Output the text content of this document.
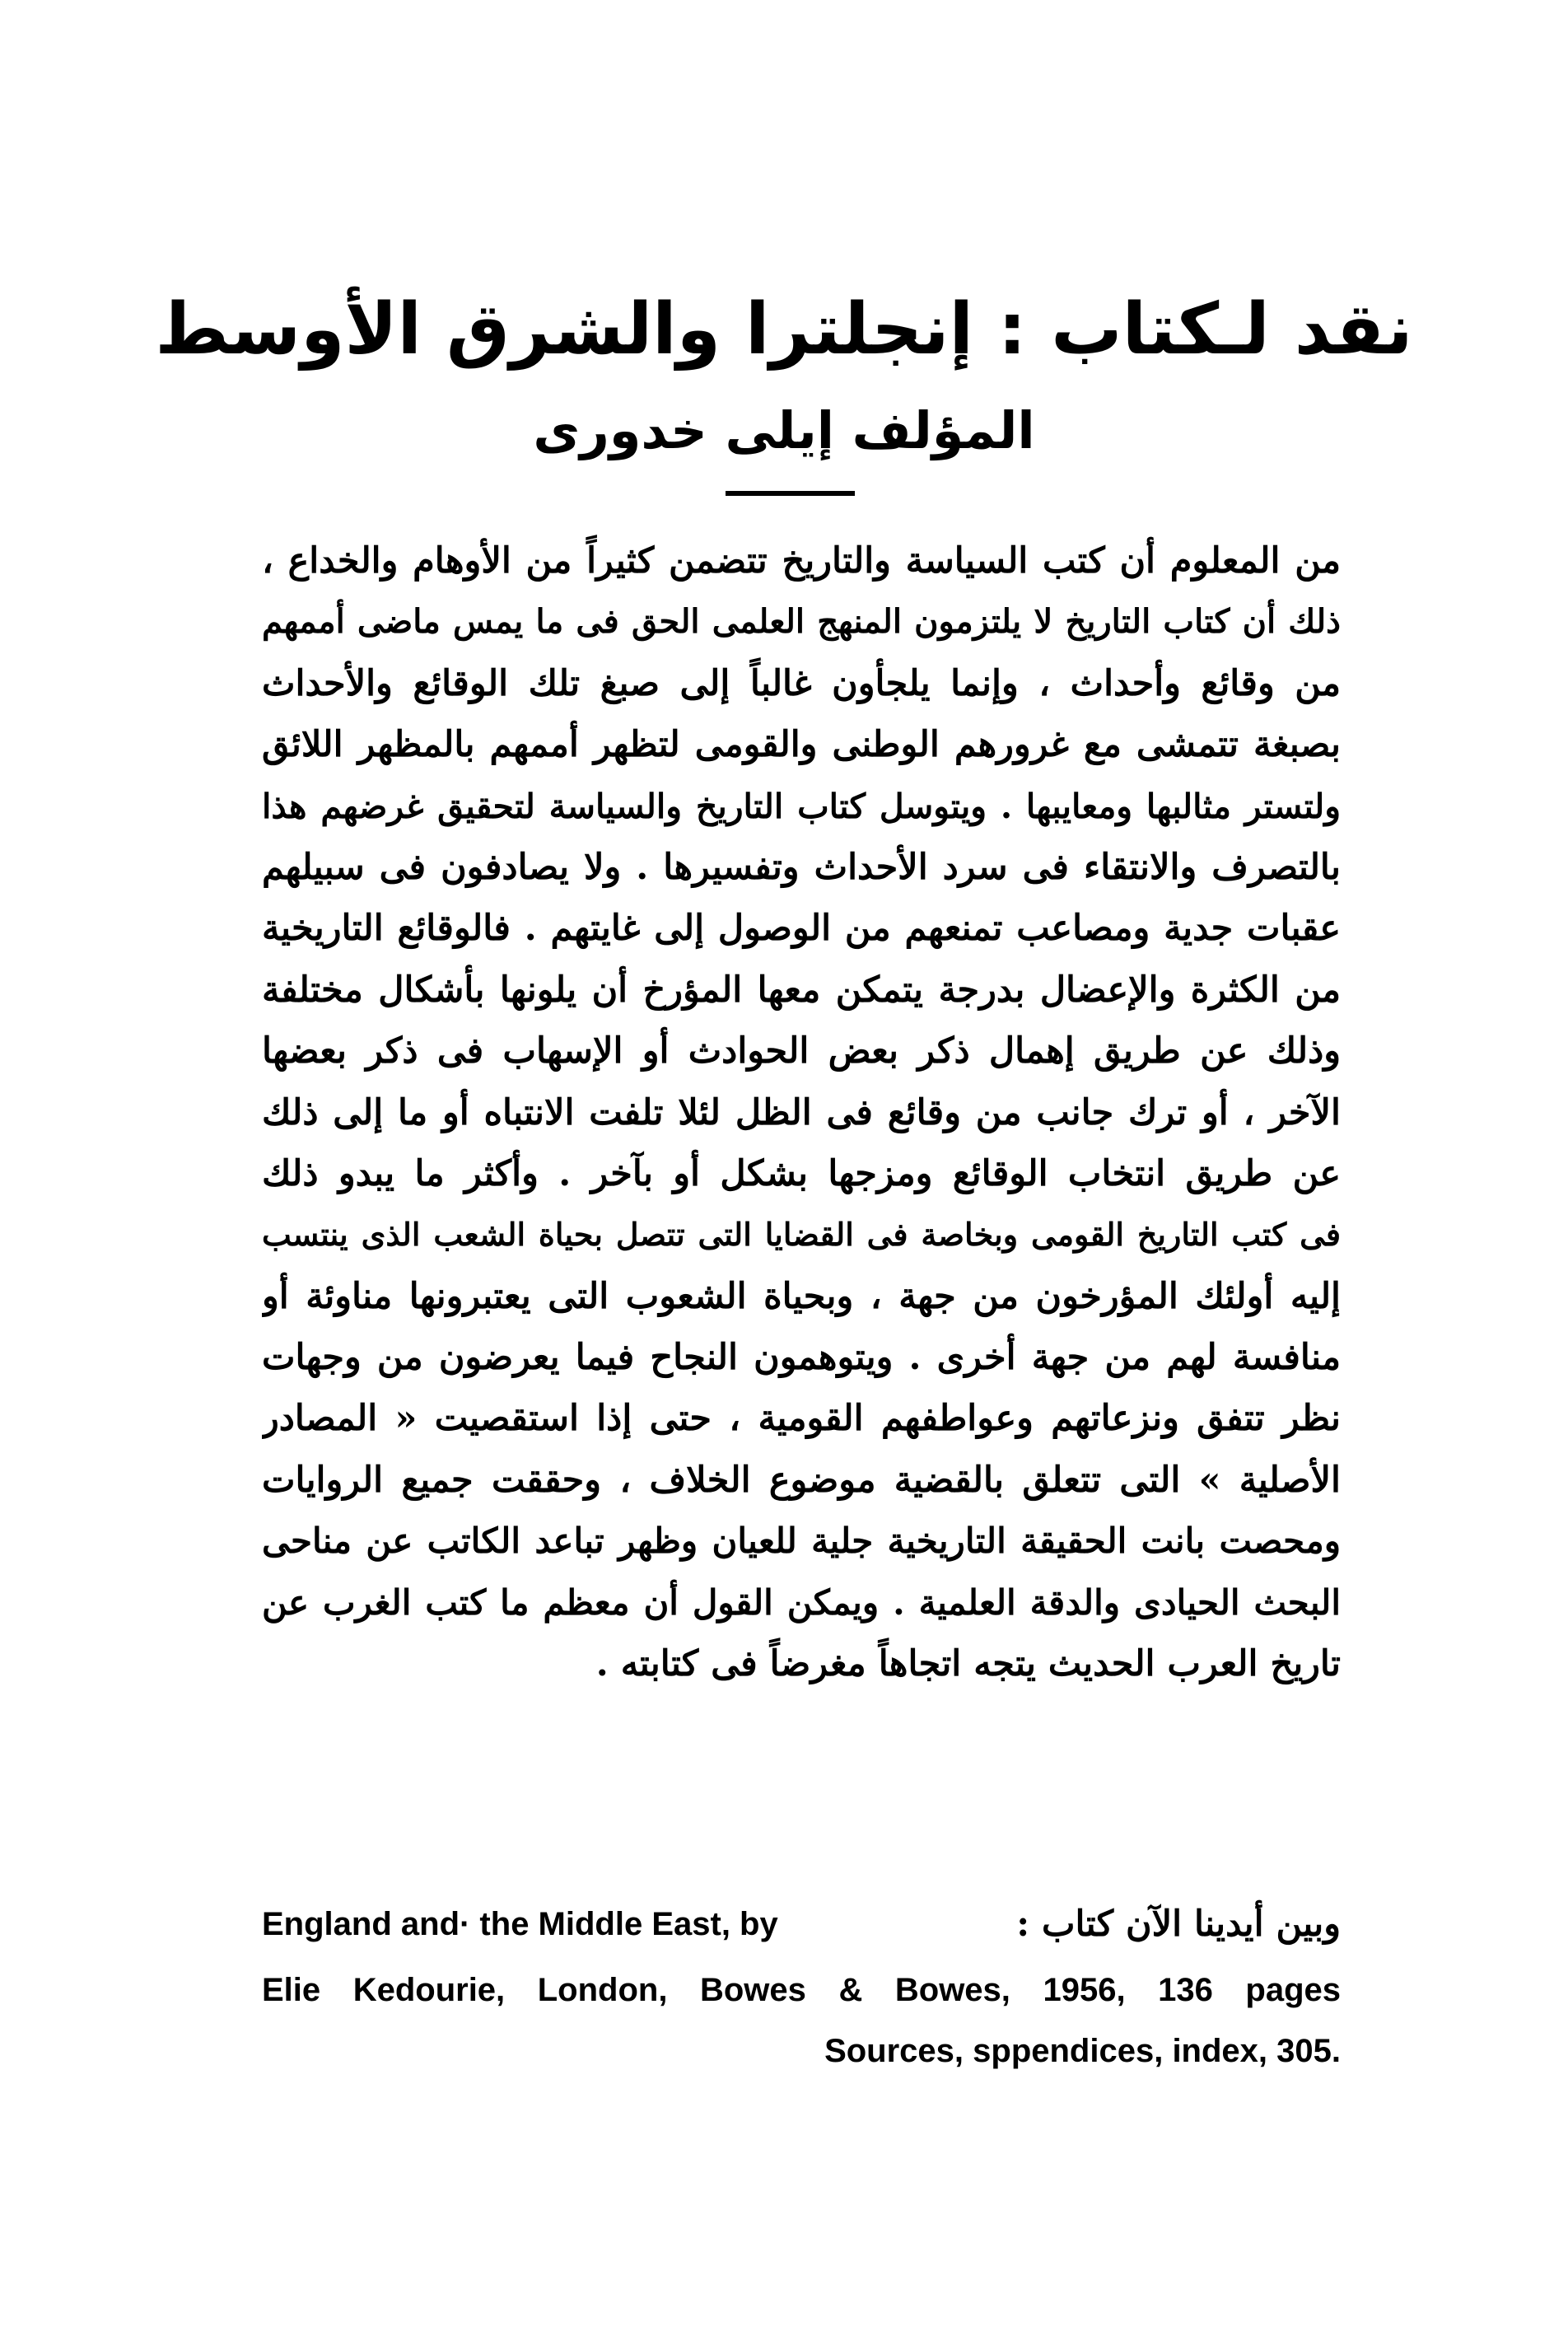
نقد لـكتاب : إنجلترا والشرق الأوسط
المؤلف إيلى خدورى
من المعلوم أن كتب السياسة والتاريخ تتضمن كثيراً من الأوهام والخداع ،
ذلك أن كتاب التاريخ لا يلتزمون المنهج العلمى الحق فى ما يمس ماضى أممهم
من وقائع وأحداث ، وإنما يلجأون غالباً إلى صبغ تلك الوقائع والأحداث
بصبغة تتمشى مع غرورهم الوطنى والقومى لتظهر أممهم بالمظهر اللائق
ولتستر مثالبها ومعايبها . ويتوسل كتاب التاريخ والسياسة لتحقيق غرضهم هذا
بالتصرف والانتقاء فى سرد الأحداث وتفسيرها . ولا يصادفون فى سبيلهم
عقبات جدية ومصاعب تمنعهم من الوصول إلى غايتهم . فالوقائع التاريخية
من الكثرة والإعضال بدرجة يتمكن معها المؤرخ أن يلونها بأشكال مختلفة
وذلك عن طريق إهمال ذكر بعض الحوادث أو الإسهاب فى ذكر بعضها
الآخر ، أو ترك جانب من وقائع فى الظل لئلا تلفت الانتباه أو ما إلى ذلك
عن طريق انتخاب الوقائع ومزجها بشكل أو بآخر . وأكثر ما يبدو ذلك
فى كتب التاريخ القومى وبخاصة فى القضايا التى تتصل بحياة الشعب الذى ينتسب
إليه أولئك المؤرخون من جهة ، وبحياة الشعوب التى يعتبرونها مناوئة أو
منافسة لهم من جهة أخرى . ويتوهمون النجاح فيما يعرضون من وجهات
نظر تتفق ونزعاتهم وعواطفهم القومية ، حتى إذا استقصيت « المصادر
الأصلية » التى تتعلق بالقضية موضوع الخلاف ، وحققت جميع الروايات
ومحصت بانت الحقيقة التاريخية جلية للعيان وظهر تباعد الكاتب عن مناحى
البحث الحيادى والدقة العلمية . ويمكن القول أن معظم ما كتب الغرب عن
تاريخ العرب الحديث يتجه اتجاهاً مغرضاً فى كتابته .
وبين أيدينا الآن كتاب :
England and· the Middle East, by
Elie Kedourie, London, Bowes & Bowes, 1956, 136 pages
Sources, sppendices, index, 305.
